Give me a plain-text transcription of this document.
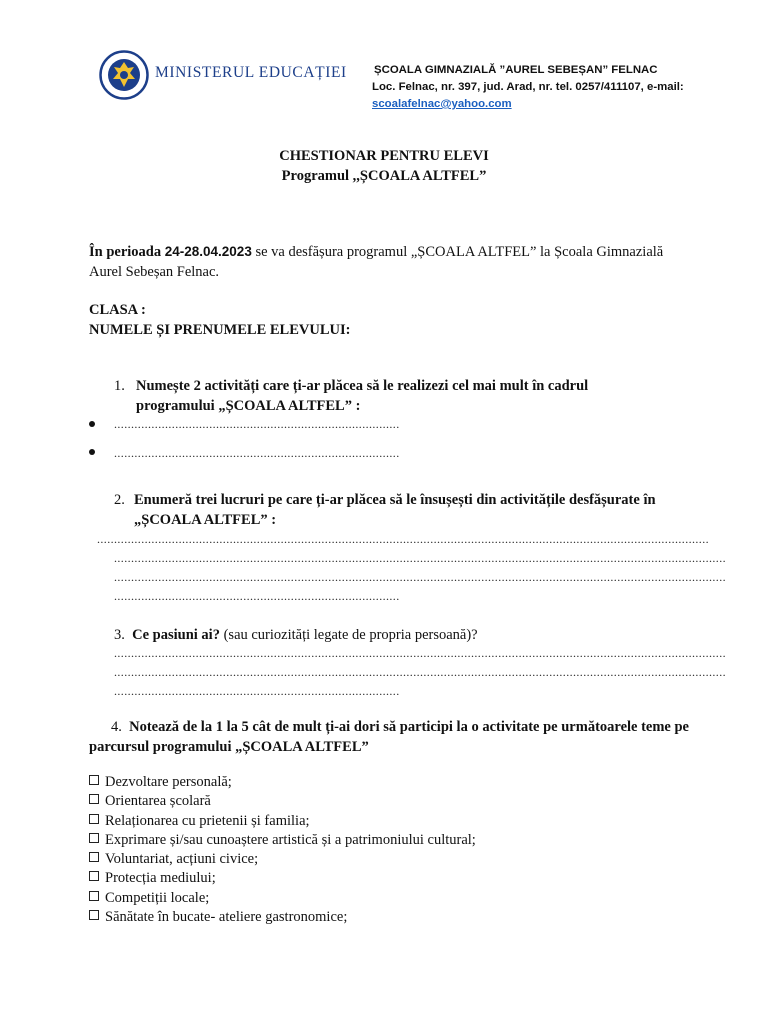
MINISTERUL EDUCAȚIEI ȘCOALA GIMNAZIALĂ ”AUREL SEBEȘAN” FELNAC
Loc. Felnac, nr. 397, jud. Arad, nr. tel. 0257/411107, e-mail:
scoalafelnac@yahoo.com
CHESTIONAR PENTRU ELEVI
Programul ,,ȘCOALA ALTFEL”
În perioada 24-28.04.2023 se va desfășura programul „ȘCOALA ALTFEL” la Școala Gimnazială Aurel Sebeșan Felnac.
CLASA :
NUMELE ȘI PRENUMELE ELEVULUI:
1. Numește 2 activități care ți-ar plăcea să le realizezi cel mai mult în cadrul programului „ȘCOALA ALTFEL” :
....................................................................................
....................................................................................
2. Enumeră trei lucruri pe care ți-ar plăcea să le însușești din activitățile desfășurate în „ȘCOALA ALTFEL” :
....................................................................................................................................................................................
....................................................................................................................................................................................
....................................................................................................................................................................................
....................................................................................
3. Ce pasiuni ai? (sau curiozități legate de propria persoană)?
....................................................................................................................................................................................
....................................................................................................................................................................................
....................................................................................
4. Notează de la 1 la 5 cât de mult ți-ai dori să participi la o activitate pe următoarele teme pe parcursul programului „ȘCOALA ALTFEL”
Dezvoltare personală;
Orientarea școlară
Relaționarea cu prietenii și familia;
Exprimare și/sau cunoaștere artistică și a patrimoniului cultural;
Voluntariat, acțiuni civice;
Protecția mediului;
Competiții locale;
Sănătate în bucate- ateliere gastronomice;
